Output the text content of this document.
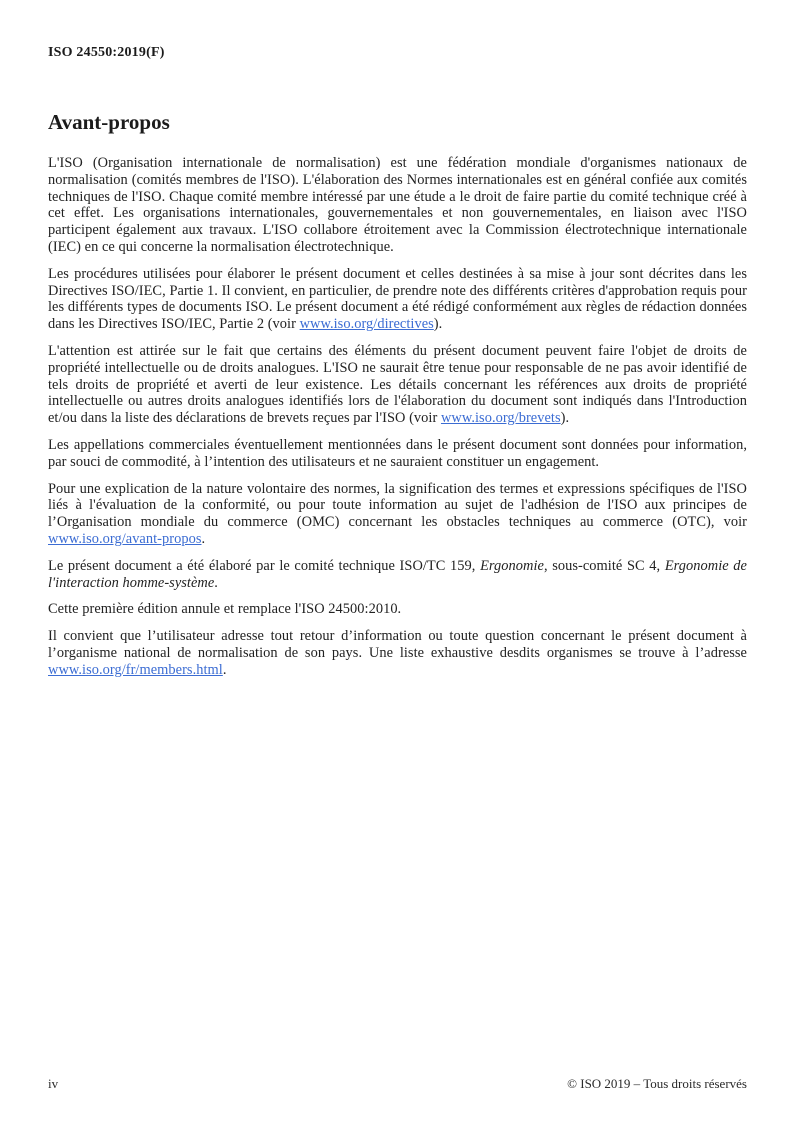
ISO 24550:2019(F)
Avant-propos

L'ISO (Organisation internationale de normalisation) est une fédération mondiale d'organismes nationaux de normalisation (comités membres de l'ISO). L'élaboration des Normes internationales est en général confiée aux comités techniques de l'ISO. Chaque comité membre intéressé par une étude a le droit de faire partie du comité technique créé à cet effet. Les organisations internationales, gouvernementales et non gouvernementales, en liaison avec l'ISO participent également aux travaux. L'ISO collabore étroitement avec la Commission électrotechnique internationale (IEC) en ce qui concerne la normalisation électrotechnique.

Les procédures utilisées pour élaborer le présent document et celles destinées à sa mise à jour sont décrites dans les Directives ISO/IEC, Partie 1. Il convient, en particulier, de prendre note des différents critères d'approbation requis pour les différents types de documents ISO. Le présent document a été rédigé conformément aux règles de rédaction données dans les Directives ISO/IEC, Partie 2 (voir www.iso.org/directives).

L'attention est attirée sur le fait que certains des éléments du présent document peuvent faire l'objet de droits de propriété intellectuelle ou de droits analogues. L'ISO ne saurait être tenue pour responsable de ne pas avoir identifié de tels droits de propriété et averti de leur existence. Les détails concernant les références aux droits de propriété intellectuelle ou autres droits analogues identifiés lors de l'élaboration du document sont indiqués dans l'Introduction et/ou dans la liste des déclarations de brevets reçues par l'ISO (voir www.iso.org/brevets).

Les appellations commerciales éventuellement mentionnées dans le présent document sont données pour information, par souci de commodité, à l’intention des utilisateurs et ne sauraient constituer un engagement.

Pour une explication de la nature volontaire des normes, la signification des termes et expressions spécifiques de l'ISO liés à l'évaluation de la conformité, ou pour toute information au sujet de l'adhésion de l'ISO aux principes de l’Organisation mondiale du commerce (OMC) concernant les obstacles techniques au commerce (OTC), voir www.iso.org/avant-propos.

Le présent document a été élaboré par le comité technique ISO/TC 159, Ergonomie, sous-comité SC 4, Ergonomie de l'interaction homme-système.

Cette première édition annule et remplace l'ISO 24500:2010.

Il convient que l’utilisateur adresse tout retour d’information ou toute question concernant le présent document à l’organisme national de normalisation de son pays. Une liste exhaustive desdits organismes se trouve à l’adresse www.iso.org/fr/members.html.

iv	© ISO 2019 – Tous droits réservés
